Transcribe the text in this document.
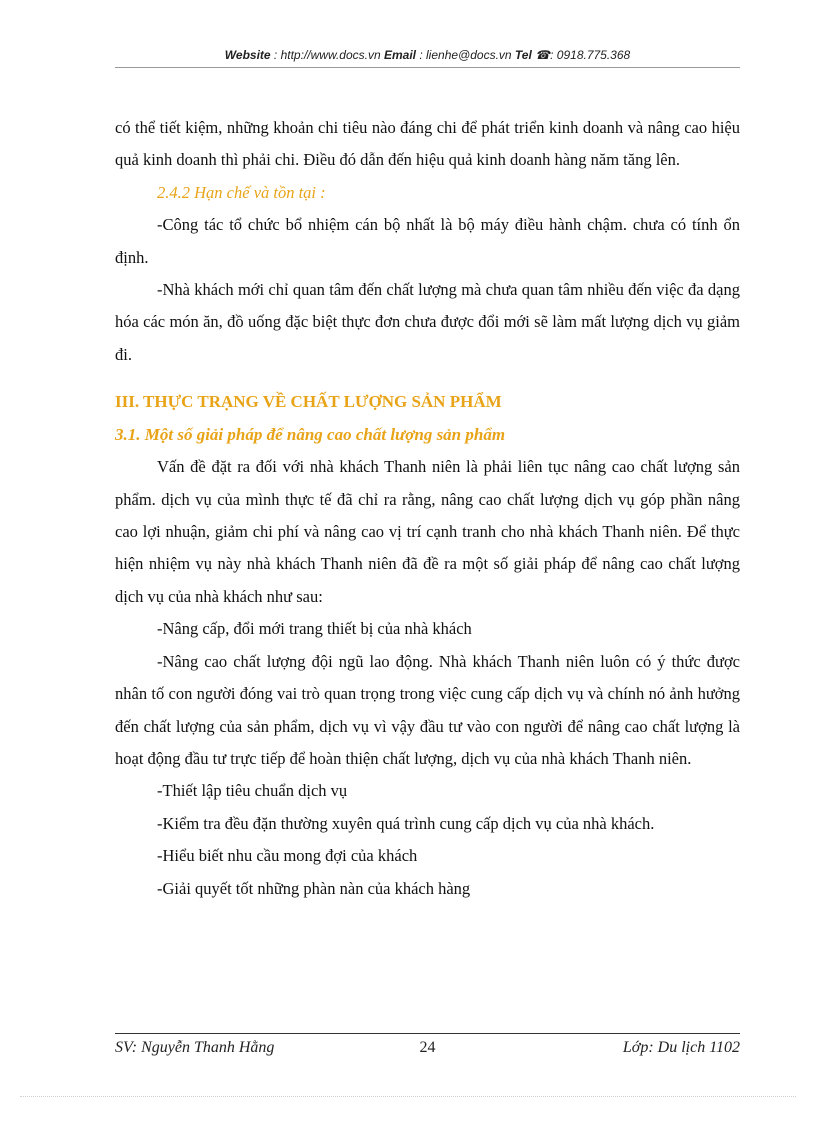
Website : http://www.docs.vn Email : lienhe@docs.vn Tel ☎: 0918.775.368

có thể tiết kiệm, những khoản chi tiêu nào đáng chi để phát triển kinh doanh và nâng cao hiệu quả kinh doanh thì phải chi. Điều đó dẫn đến hiệu quả kinh doanh hàng năm tăng lên.

2.4.2 Hạn chế và tồn tại :

-Công tác tổ chức bổ nhiệm cán bộ nhất là bộ máy điều hành chậm. chưa có tính ổn định.

-Nhà khách mới chỉ quan tâm đến chất lượng mà chưa quan tâm nhiều đến việc đa dạng hóa các món ăn, đồ uống đặc biệt thực đơn chưa được đổi mới sẽ làm mất lượng dịch vụ giảm đi.

III. THỰC TRẠNG VỀ CHẤT LƯỢNG SẢN PHẨM

3.1. Một số giải pháp để nâng cao chất lượng sản phẩm

Vấn đề đặt ra đối với nhà khách Thanh niên là phải liên tục nâng cao chất lượng sản phẩm. dịch vụ của mình thực tế đã chỉ ra rằng, nâng cao chất lượng dịch vụ góp phần nâng cao lợi nhuận, giảm chi phí và nâng cao vị trí cạnh tranh cho nhà khách Thanh niên. Để thực hiện nhiệm vụ này nhà khách Thanh niên đã đề ra một số giải pháp để nâng cao chất lượng dịch vụ của nhà khách như sau:

-Nâng cấp, đổi mới trang thiết bị của nhà khách

-Nâng cao chất lượng đội ngũ lao động. Nhà khách Thanh niên luôn có ý thức được nhân tố con người đóng vai trò quan trọng trong việc cung cấp dịch vụ và chính nó ảnh hưởng đến chất lượng của sản phẩm, dịch vụ vì vậy đầu tư vào con người để nâng cao chất lượng là hoạt động đầu tư trực tiếp để hoàn thiện chất lượng, dịch vụ của nhà khách Thanh niên.

-Thiết lập tiêu chuẩn dịch vụ

-Kiểm tra đều đặn thường xuyên quá trình cung cấp dịch vụ của nhà khách.

-Hiểu biết nhu cầu mong đợi của khách

-Giải quyết tốt những phàn nàn của khách hàng

SV: Nguyễn Thanh Hằng	24	Lớp: Du lịch 1102
